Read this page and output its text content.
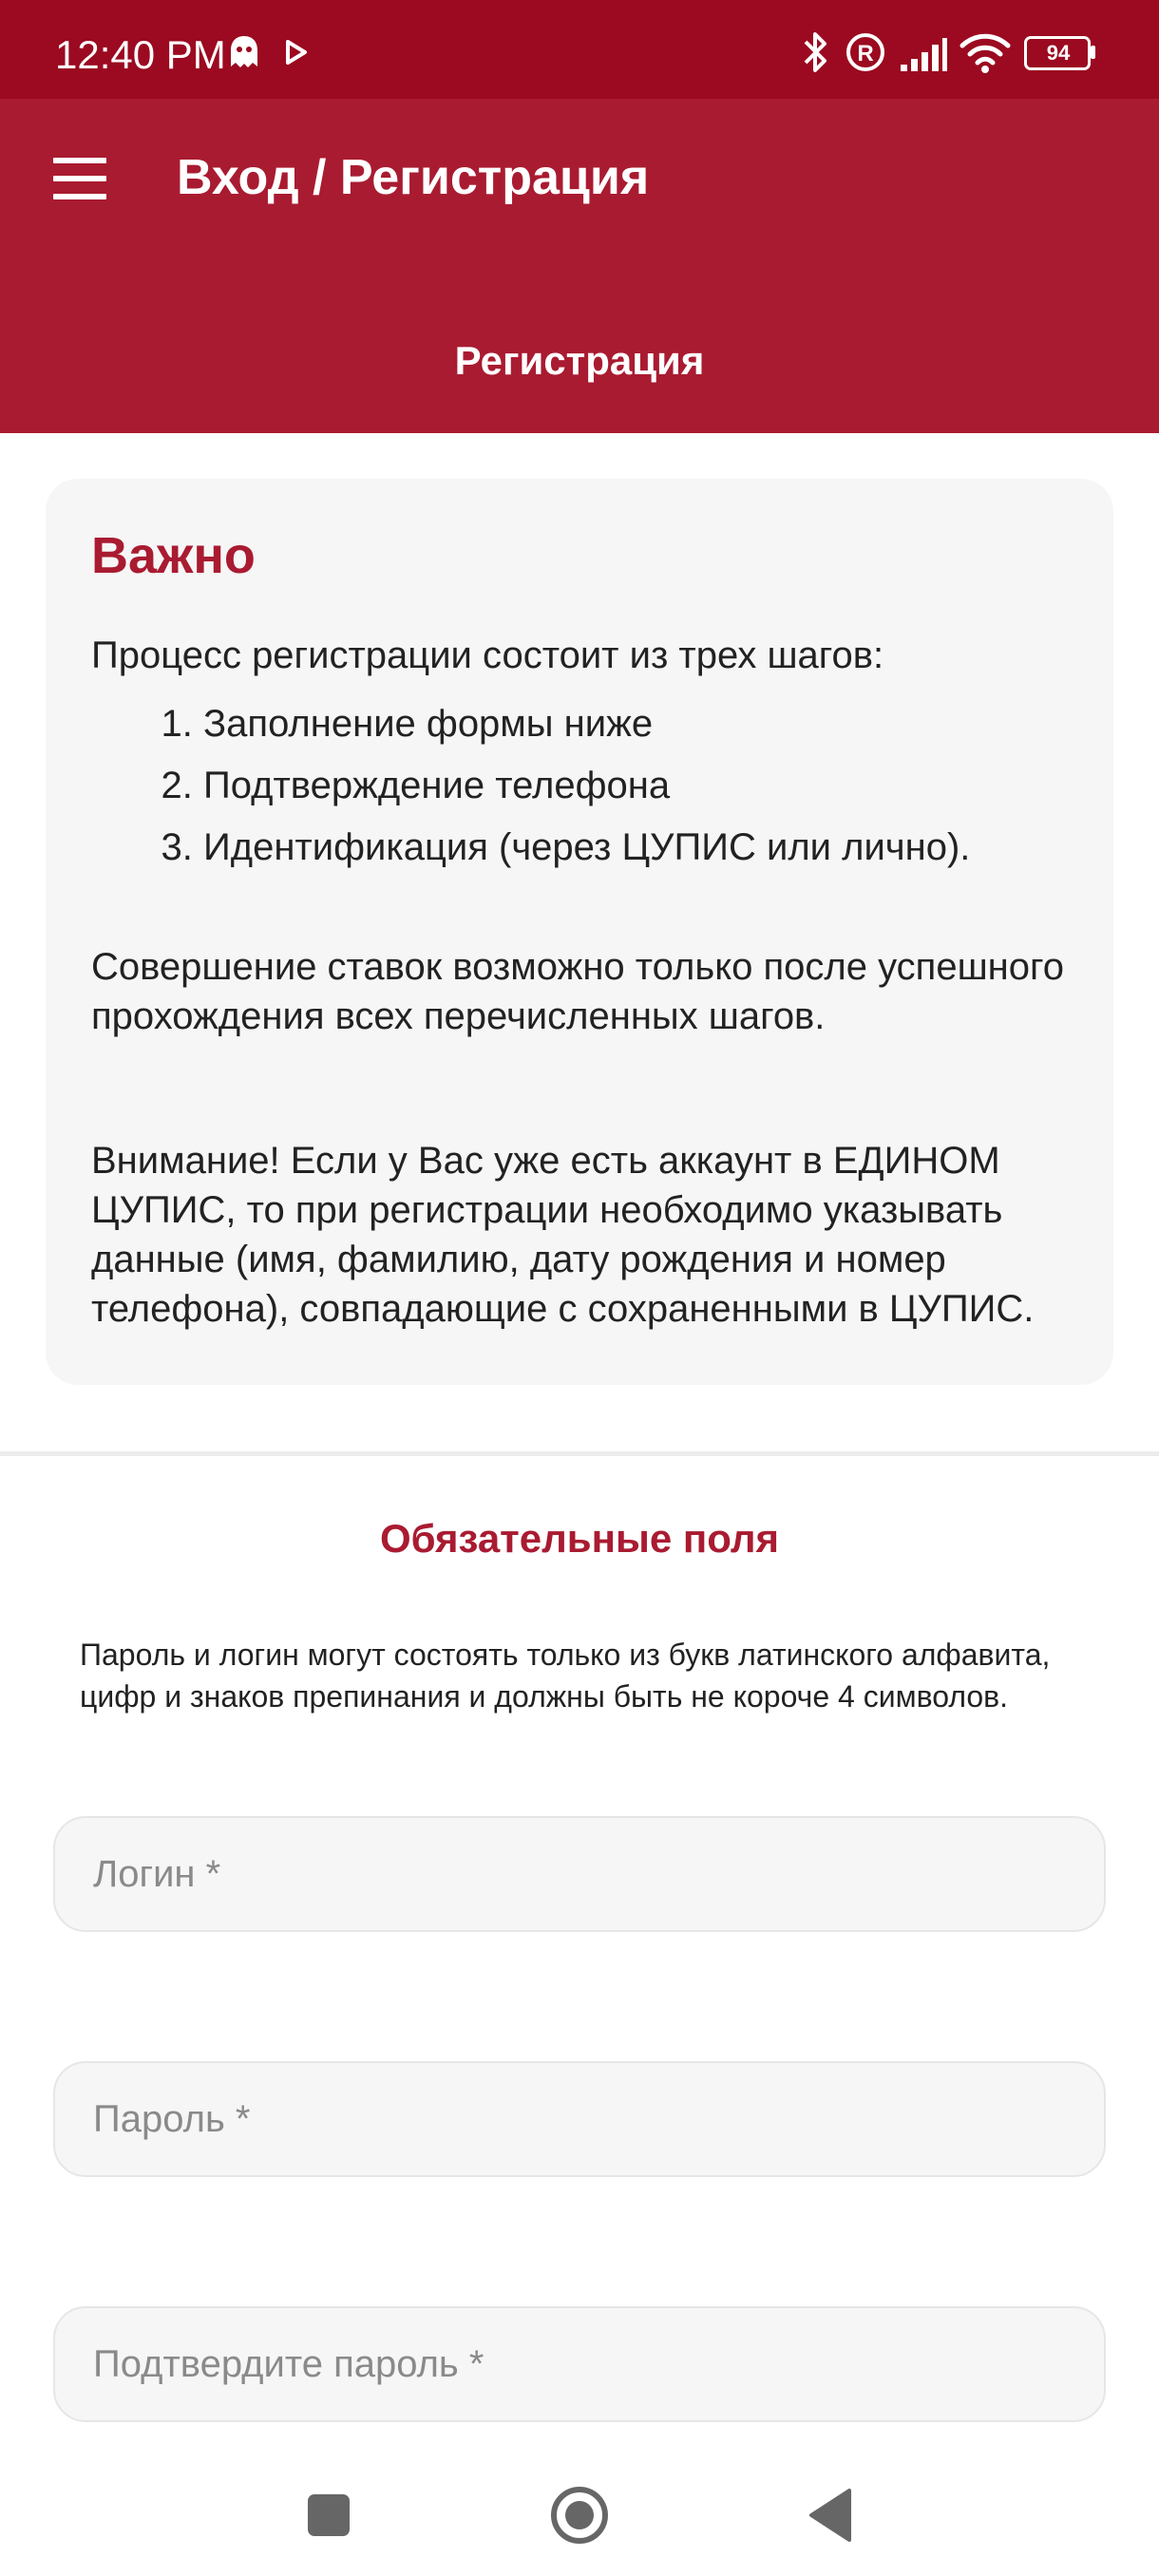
12:40 PM	R	94
Вход / Регистрация
Регистрация
Важно
Процесс регистрации состоит из трех шагов:
1. Заполнение формы ниже
2. Подтверждение телефона
3. Идентификация (через ЦУПИС или лично).
Совершение ставок возможно только после успешного прохождения всех перечисленных шагов.
Внимание! Если у Вас уже есть аккаунт в ЕДИНОМ ЦУПИС, то при регистрации необходимо указывать данные (имя, фамилию, дату рождения и номер телефона), совпадающие с сохраненными в ЦУПИС.
Обязательные поля
Пароль и логин могут состоять только из букв латинского алфавита, цифр и знаков препинания и должны быть не короче 4 символов.
Логин *
